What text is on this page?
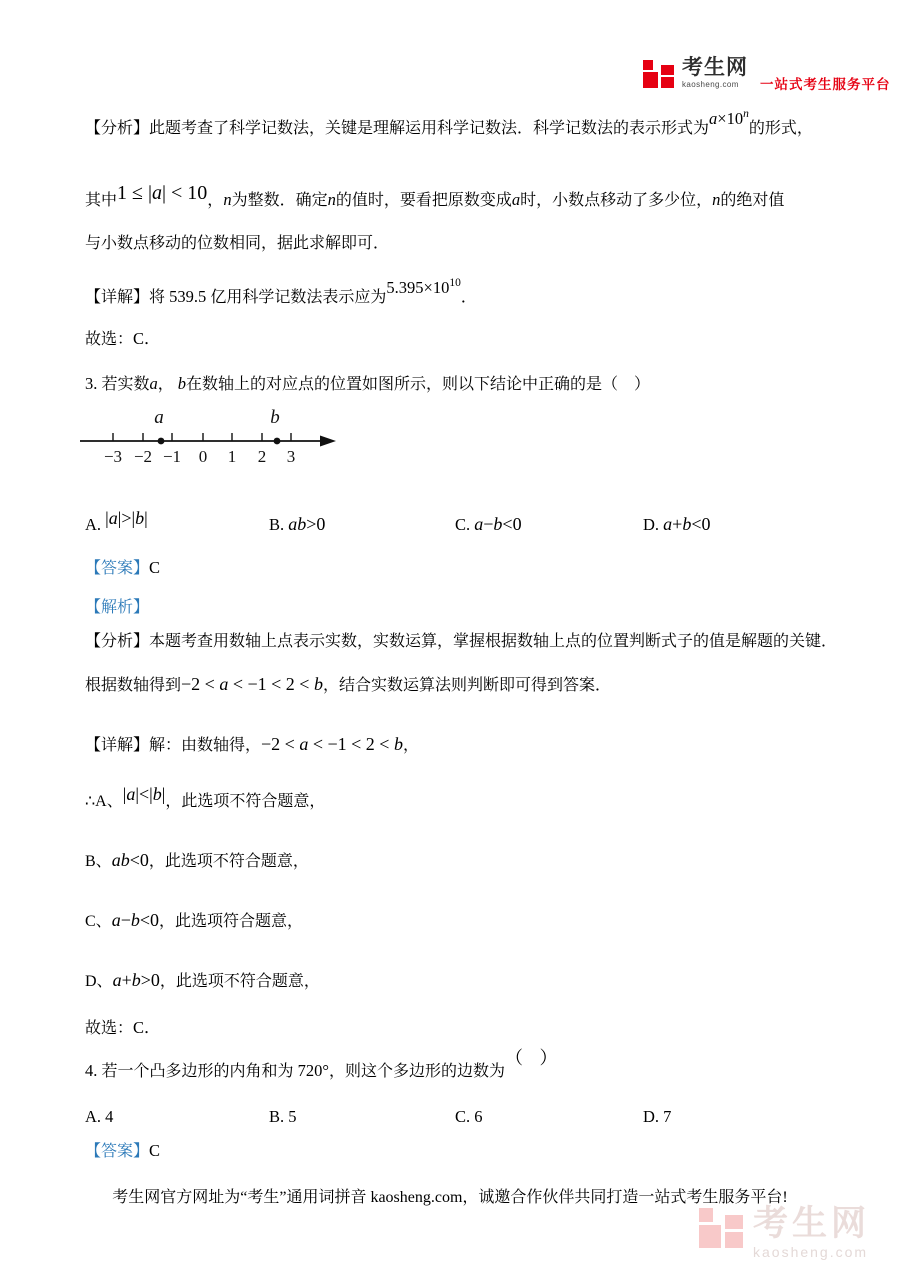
考生网
kaosheng.com	一站式考生服务平台

【分析】此题考查了科学记数法，关键是理解运用科学记数法．科学记数法的表示形式为$a\times 10^n$的形式，

其中1 ≤ |a| < 10，n为整数．确定n的值时，要看把原数变成a时，小数点移动了多少位，n的绝对值

与小数点移动的位数相同，据此求解即可．

【详解】将 539.5 亿用科学记数法表示应为$5.395\times 10^{10}$．

故选：C．

3. 若实数a， b在数轴上的对应点的位置如图所示，则以下结论中正确的是（　）

−3 −2 −1 0 1 2 3
a	b

A. |a|>|b|	B. ab>0	C. a−b<0	D. a+b<0

【答案】C

【解析】

【分析】本题考查用数轴上点表示实数，实数运算，掌握根据数轴上点的位置判断式子的值是解题的关键．

根据数轴得到−2 < a < −1 < 2 < b，结合实数运算法则判断即可得到答案．

【详解】解：由数轴得，−2 < a < −1 < 2 < b，

∴A、|a|<|b|，此选项不符合题意，

B、ab<0，此选项不符合题意，

C、a−b<0，此选项符合题意，

D、a+b>0，此选项不符合题意，

故选：C．

4. 若一个凸多边形的内角和为 720°，则这个多边形的边数为（ ）

A. 4	B. 5	C. 6	D. 7

【答案】C

考生网官方网址为“考生”通用词拼音 kaosheng.com，诚邀合作伙伴共同打造一站式考生服务平台!

考生网
kaosheng.com
